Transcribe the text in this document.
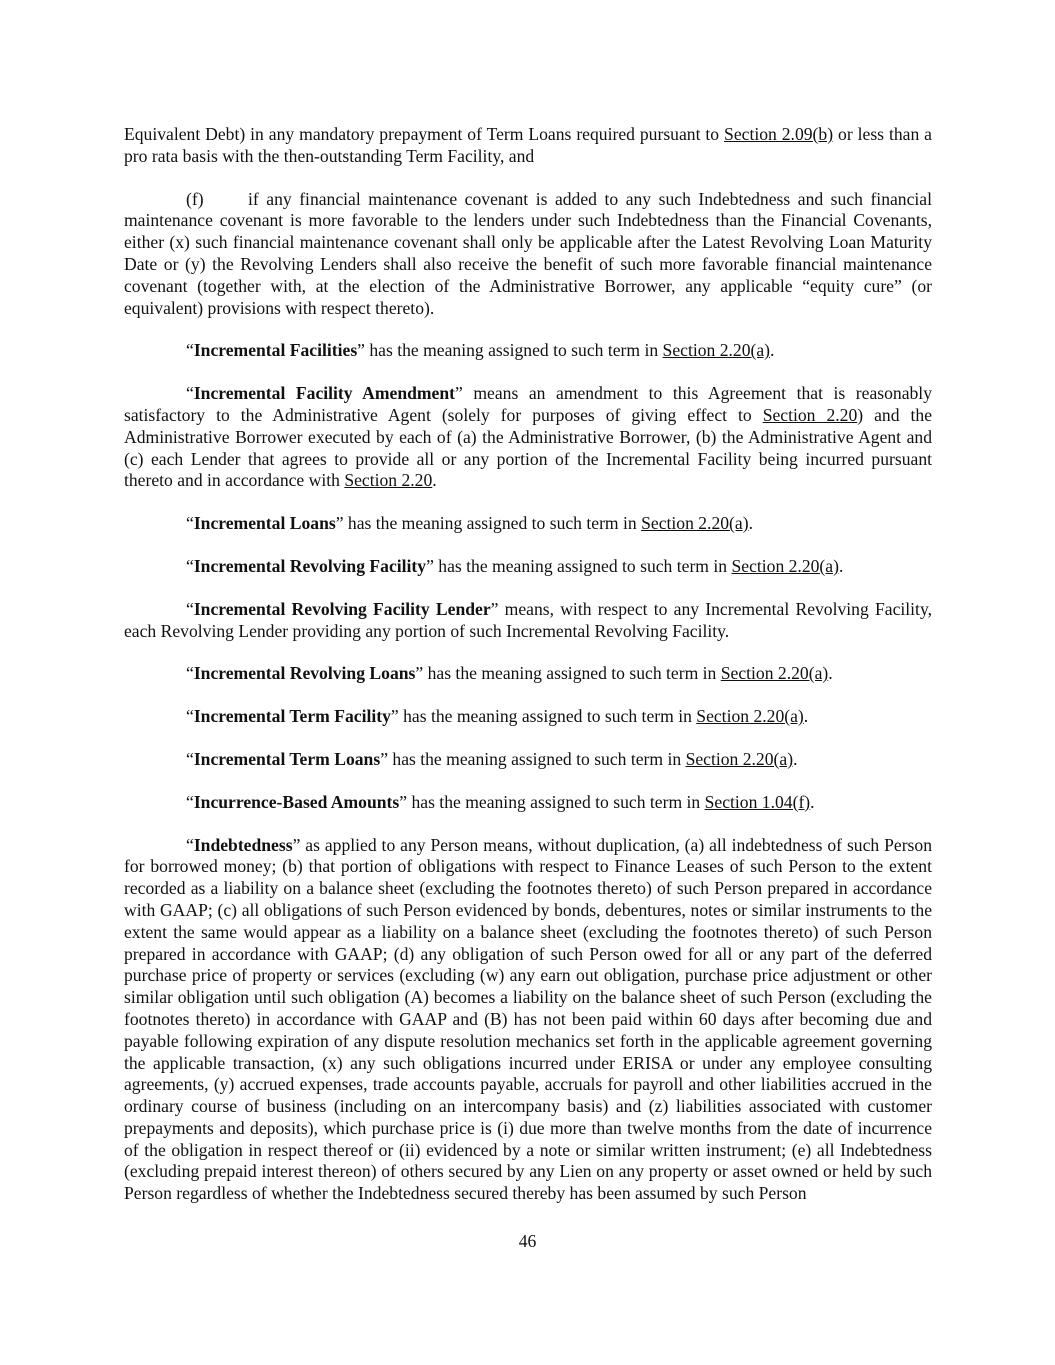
Equivalent Debt) in any mandatory prepayment of Term Loans required pursuant to Section 2.09(b) or less than a pro rata basis with the then-outstanding Term Facility, and

(f)	if any financial maintenance covenant is added to any such Indebtedness and such financial maintenance covenant is more favorable to the lenders under such Indebtedness than the Financial Covenants, either (x) such financial maintenance covenant shall only be applicable after the Latest Revolving Loan Maturity Date or (y) the Revolving Lenders shall also receive the benefit of such more favorable financial maintenance covenant (together with, at the election of the Administrative Borrower, any applicable “equity cure” (or equivalent) provisions with respect thereto).

“Incremental Facilities” has the meaning assigned to such term in Section 2.20(a).

“Incremental Facility Amendment” means an amendment to this Agreement that is reasonably satisfactory to the Administrative Agent (solely for purposes of giving effect to Section 2.20) and the Administrative Borrower executed by each of (a) the Administrative Borrower, (b) the Administrative Agent and (c) each Lender that agrees to provide all or any portion of the Incremental Facility being incurred pursuant thereto and in accordance with Section 2.20.

“Incremental Loans” has the meaning assigned to such term in Section 2.20(a).

“Incremental Revolving Facility” has the meaning assigned to such term in Section 2.20(a).

“Incremental Revolving Facility Lender” means, with respect to any Incremental Revolving Facility, each Revolving Lender providing any portion of such Incremental Revolving Facility.

“Incremental Revolving Loans” has the meaning assigned to such term in Section 2.20(a).

“Incremental Term Facility” has the meaning assigned to such term in Section 2.20(a).

“Incremental Term Loans” has the meaning assigned to such term in Section 2.20(a).

“Incurrence-Based Amounts” has the meaning assigned to such term in Section 1.04(f).

“Indebtedness” as applied to any Person means, without duplication, (a) all indebtedness of such Person for borrowed money; (b) that portion of obligations with respect to Finance Leases of such Person to the extent recorded as a liability on a balance sheet (excluding the footnotes thereto) of such Person prepared in accordance with GAAP; (c) all obligations of such Person evidenced by bonds, debentures, notes or similar instruments to the extent the same would appear as a liability on a balance sheet (excluding the footnotes thereto) of such Person prepared in accordance with GAAP; (d) any obligation of such Person owed for all or any part of the deferred purchase price of property or services (excluding (w) any earn out obligation, purchase price adjustment or other similar obligation until such obligation (A) becomes a liability on the balance sheet of such Person (excluding the footnotes thereto) in accordance with GAAP and (B) has not been paid within 60 days after becoming due and payable following expiration of any dispute resolution mechanics set forth in the applicable agreement governing the applicable transaction, (x) any such obligations incurred under ERISA or under any employee consulting agreements, (y) accrued expenses, trade accounts payable, accruals for payroll and other liabilities accrued in the ordinary course of business (including on an intercompany basis) and (z) liabilities associated with customer prepayments and deposits), which purchase price is (i) due more than twelve months from the date of incurrence of the obligation in respect thereof or (ii) evidenced by a note or similar written instrument; (e) all Indebtedness (excluding prepaid interest thereon) of others secured by any Lien on any property or asset owned or held by such Person regardless of whether the Indebtedness secured thereby has been assumed by such Person

46
